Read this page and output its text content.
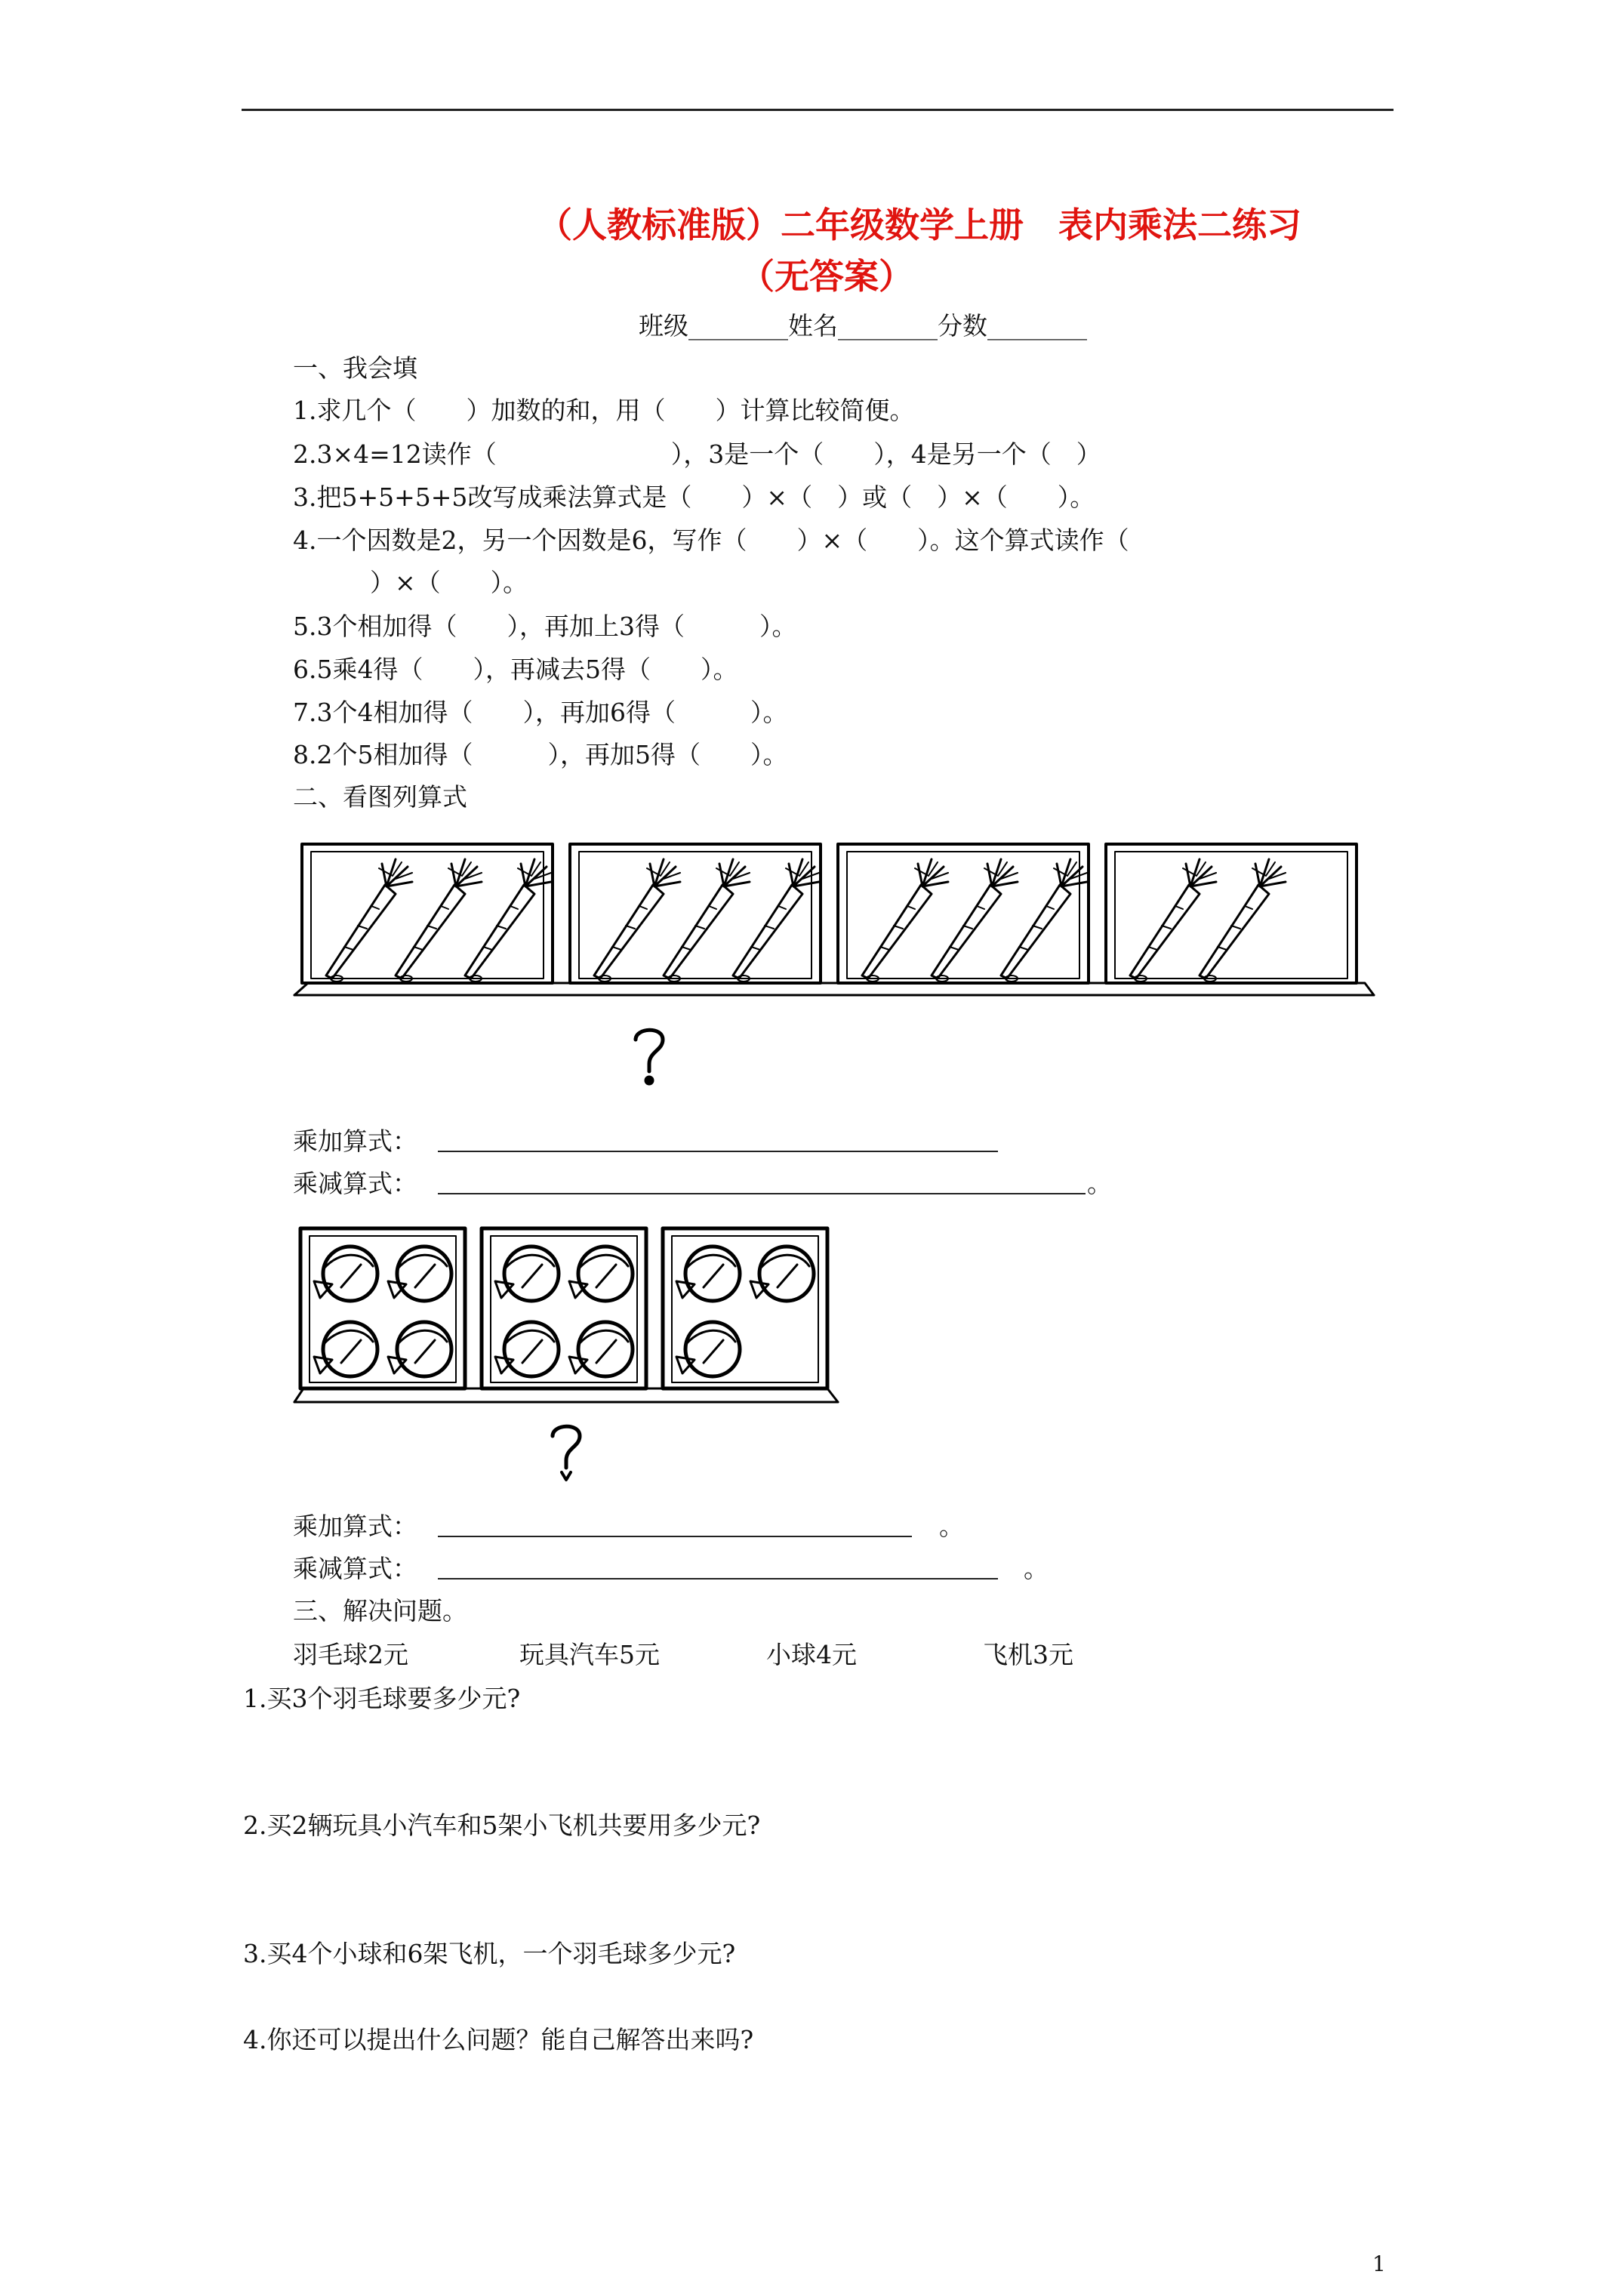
（人教标准版）二年级数学上册　表内乘法二练习
（无答案）
班级________姓名________分数________
一、我会填
1.求几个（　　）加数的和，用（　　）计算比较简便。
2.3×4=12读作（　　　　　　　），3是一个（　　），4是另一个（　）
3.把5+5+5+5改写成乘法算式是（　　）×（　）或（　）×（　　）。
4.一个因数是2，另一个因数是6，写作（　　）×（　　）。这个算式读作（
　　）×（　　）。
5.3个相加得（　　），再加上3得（　　　）。
6.5乘4得（　　），再减去5得（　　）。
7.3个4相加得（　　），再加6得（　　　）。
8.2个5相加得（　　　），再加5得（　　）。
二、看图列算式
乘加算式：
乘减算式：	。
乘加算式：	。
乘减算式：	。
三、解决问题。
羽毛球2元	玩具汽车5元	小球4元	飞机3元
1.买3个羽毛球要多少元?
2.买2辆玩具小汽车和5架小飞机共要用多少元?
3.买4个小球和6架飞机，一个羽毛球多少元?
4.你还可以提出什么问题？能自己解答出来吗?
1
